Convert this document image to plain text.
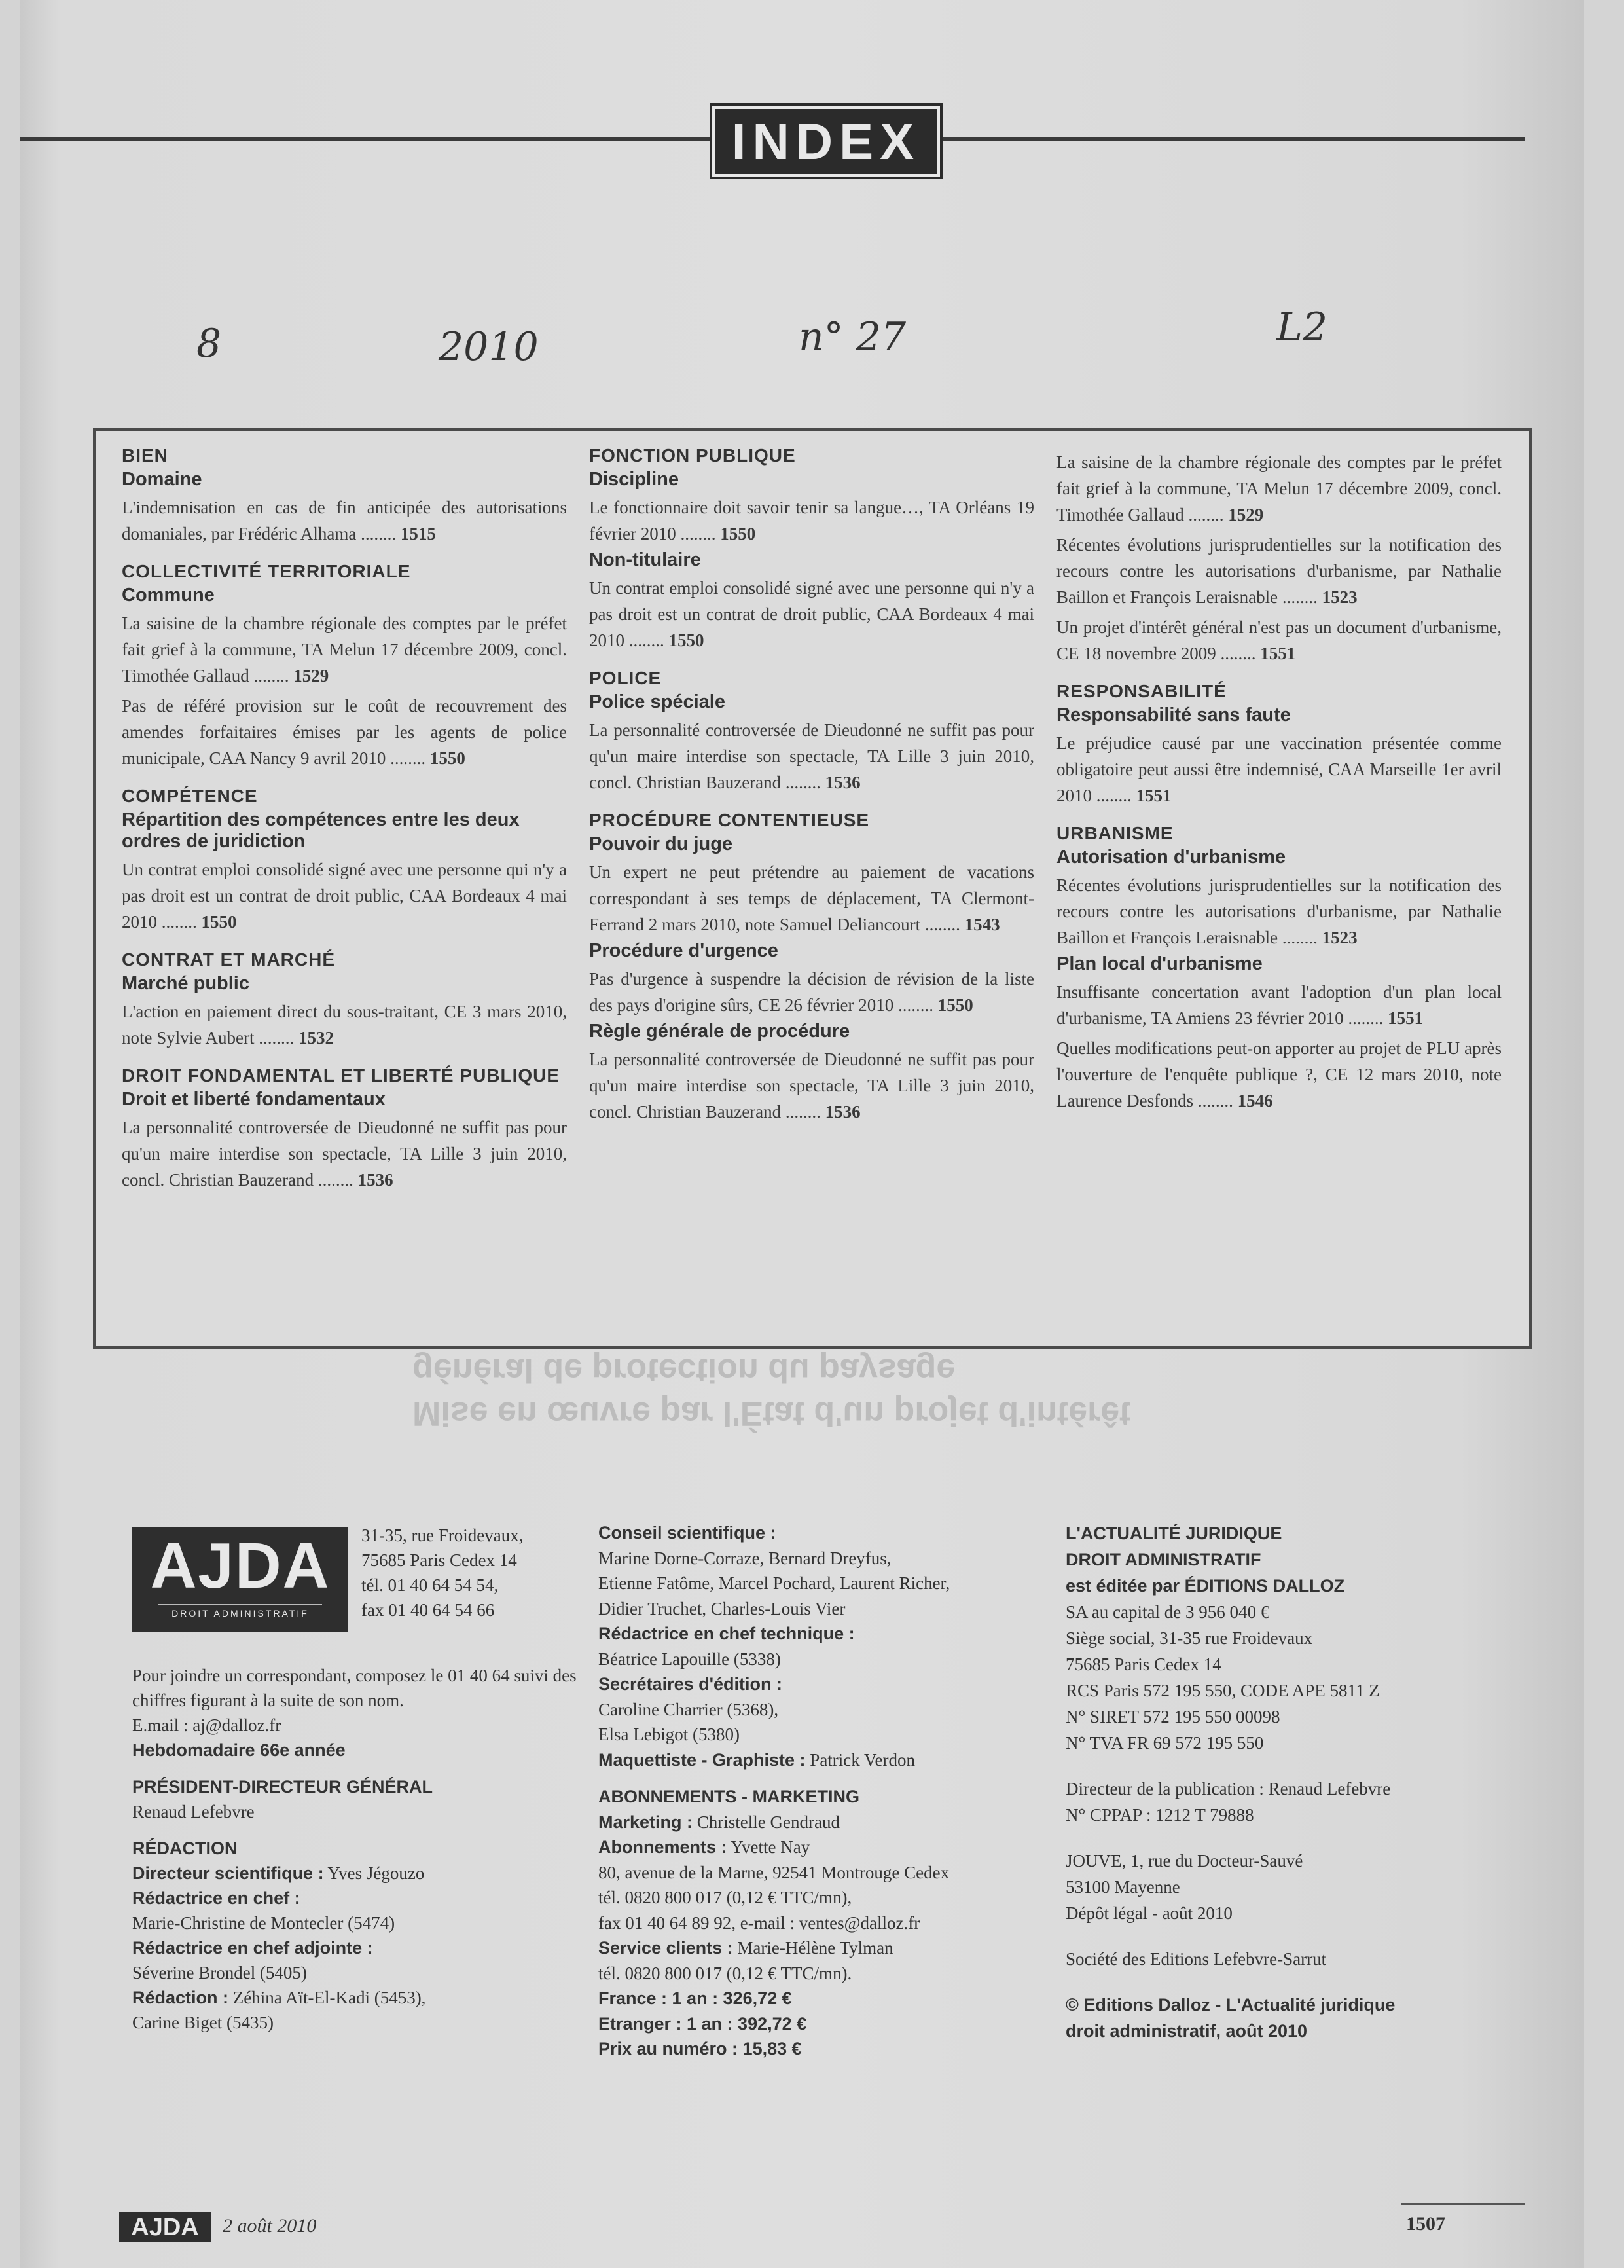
INDEX
8	2010	n° 27	L2
Mise en œuvre par l'État d'un projet d'intérêt général de protection du paysage
BIEN
Domaine
L'indemnisation en cas de fin anticipée des autorisations domaniales, par Frédéric Alhama ........ 1515
COLLECTIVITÉ TERRITORIALE
Commune
La saisine de la chambre régionale des comptes par le préfet fait grief à la commune, TA Melun 17 décembre 2009, concl. Timothée Gallaud ........ 1529
Pas de référé provision sur le coût de recouvrement des amendes forfaitaires émises par les agents de police municipale, CAA Nancy 9 avril 2010 ........ 1550
COMPÉTENCE
Répartition des compétences entre les deux ordres de juridiction
Un contrat emploi consolidé signé avec une personne qui n'y a pas droit est un contrat de droit public, CAA Bordeaux 4 mai 2010 ........ 1550
CONTRAT ET MARCHÉ
Marché public
L'action en paiement direct du sous-traitant, CE 3 mars 2010, note Sylvie Aubert ........ 1532
DROIT FONDAMENTAL ET LIBERTÉ PUBLIQUE
Droit et liberté fondamentaux
La personnalité controversée de Dieudonné ne suffit pas pour qu'un maire interdise son spectacle, TA Lille 3 juin 2010, concl. Christian Bauzerand ........ 1536
FONCTION PUBLIQUE
Discipline
Le fonctionnaire doit savoir tenir sa langue…, TA Orléans 19 février 2010 ........ 1550
Non-titulaire
Un contrat emploi consolidé signé avec une personne qui n'y a pas droit est un contrat de droit public, CAA Bordeaux 4 mai 2010 ........ 1550
POLICE
Police spéciale
La personnalité controversée de Dieudonné ne suffit pas pour qu'un maire interdise son spectacle, TA Lille 3 juin 2010, concl. Christian Bauzerand ........ 1536
PROCÉDURE CONTENTIEUSE
Pouvoir du juge
Un expert ne peut prétendre au paiement de vacations correspondant à ses temps de déplacement, TA Clermont-Ferrand 2 mars 2010, note Samuel Deliancourt ........ 1543
Procédure d'urgence
Pas d'urgence à suspendre la décision de révision de la liste des pays d'origine sûrs, CE 26 février 2010 ........ 1550
Règle générale de procédure
La personnalité controversée de Dieudonné ne suffit pas pour qu'un maire interdise son spectacle, TA Lille 3 juin 2010, concl. Christian Bauzerand ........ 1536
La saisine de la chambre régionale des comptes par le préfet fait grief à la commune, TA Melun 17 décembre 2009, concl. Timothée Gallaud ........ 1529
Récentes évolutions jurisprudentielles sur la notification des recours contre les autorisations d'urbanisme, par Nathalie Baillon et François Leraisnable ........ 1523
Un projet d'intérêt général n'est pas un document d'urbanisme, CE 18 novembre 2009 ........ 1551
RESPONSABILITÉ
Responsabilité sans faute
Le préjudice causé par une vaccination présentée comme obligatoire peut aussi être indemnisé, CAA Marseille 1er avril 2010 ........ 1551
URBANISME
Autorisation d'urbanisme
Récentes évolutions jurisprudentielles sur la notification des recours contre les autorisations d'urbanisme, par Nathalie Baillon et François Leraisnable ........ 1523
Plan local d'urbanisme
Insuffisante concertation avant l'adoption d'un plan local d'urbanisme, TA Amiens 23 février 2010 ........ 1551
Quelles modifications peut-on apporter au projet de PLU après l'ouverture de l'enquête publique ?, CE 12 mars 2010, note Laurence Desfonds ........ 1546
AJDA
DROIT ADMINISTRATIF
31-35, rue Froidevaux,
75685 Paris Cedex 14
tél. 01 40 64 54 54,
fax 01 40 64 54 66
Pour joindre un correspondant, composez le 01 40 64 suivi des chiffres figurant à la suite de son nom.
E.mail : aj@dalloz.fr
Hebdomadaire 66e année
PRÉSIDENT-DIRECTEUR GÉNÉRAL
Renaud Lefebvre
RÉDACTION
Directeur scientifique : Yves Jégouzo
Rédactrice en chef :
Marie-Christine de Montecler (5474)
Rédactrice en chef adjointe :
Séverine Brondel (5405)
Rédaction : Zéhina Aït-El-Kadi (5453),
Carine Biget (5435)
Conseil scientifique :
Marine Dorne-Corraze, Bernard Dreyfus,
Etienne Fatôme, Marcel Pochard, Laurent Richer,
Didier Truchet, Charles-Louis Vier
Rédactrice en chef technique :
Béatrice Lapouille (5338)
Secrétaires d'édition :
Caroline Charrier (5368),
Elsa Lebigot (5380)
Maquettiste - Graphiste : Patrick Verdon
ABONNEMENTS - MARKETING
Marketing : Christelle Gendraud
Abonnements : Yvette Nay
80, avenue de la Marne, 92541 Montrouge Cedex
tél. 0820 800 017 (0,12 € TTC/mn),
fax 01 40 64 89 92, e-mail : ventes@dalloz.fr
Service clients : Marie-Hélène Tylman
tél. 0820 800 017 (0,12 € TTC/mn).
France : 1 an : 326,72 €
Etranger : 1 an : 392,72 €
Prix au numéro : 15,83 €
L'ACTUALITÉ JURIDIQUE
DROIT ADMINISTRATIF
est éditée par ÉDITIONS DALLOZ
SA au capital de 3 956 040 €
Siège social, 31-35 rue Froidevaux
75685 Paris Cedex 14
RCS Paris 572 195 550, CODE APE 5811 Z
N° SIRET 572 195 550 00098
N° TVA FR 69 572 195 550
Directeur de la publication : Renaud Lefebvre
N° CPPAP : 1212 T 79888
JOUVE, 1, rue du Docteur-Sauvé
53100 Mayenne
Dépôt légal - août 2010
Société des Editions Lefebvre-Sarrut
© Editions Dalloz - L'Actualité juridique
droit administratif, août 2010
AJDA	2 août 2010	1507
